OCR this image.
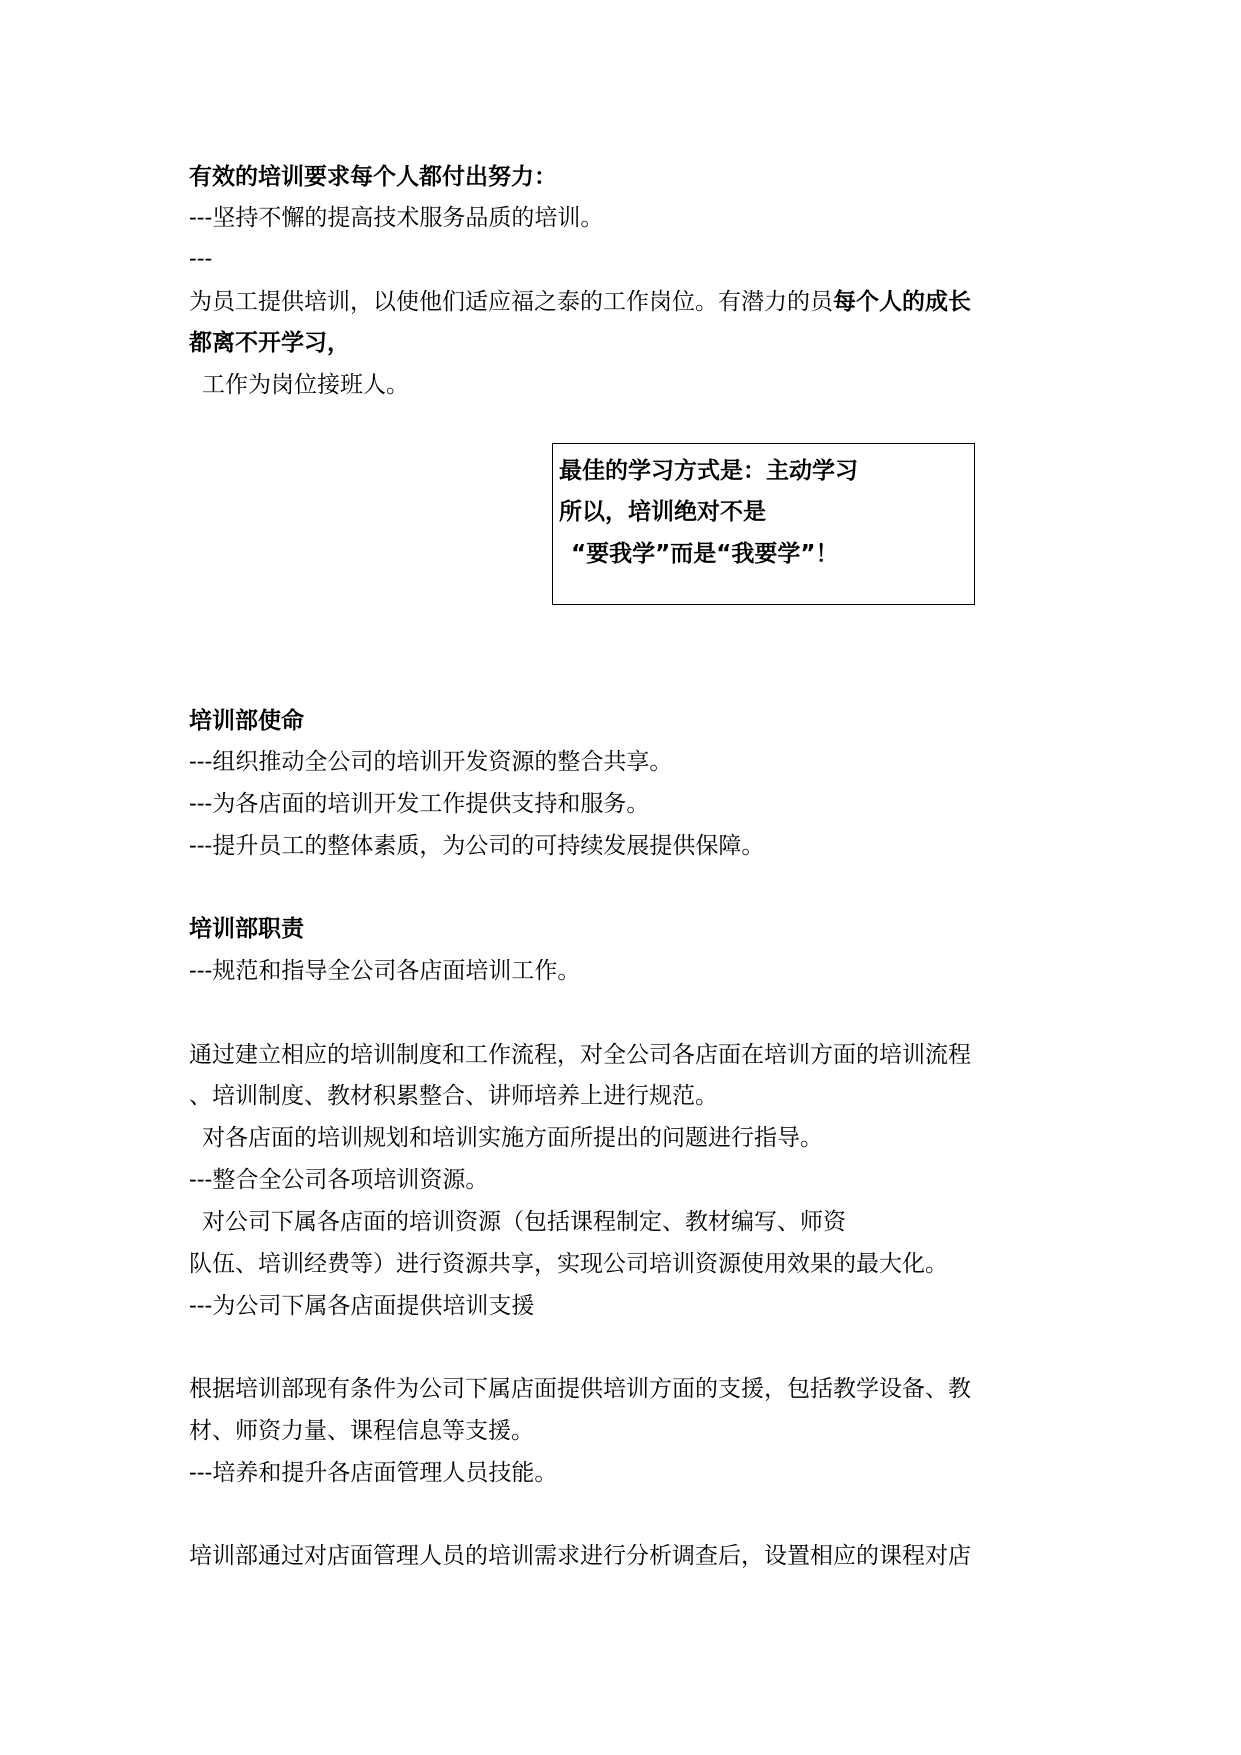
有效的培训要求每个人都付出努力：
---坚持不懈的提高技术服务品质的培训。
---
为员工提供培训，以使他们适应福之泰的工作岗位。有潜力的员每个人的成长
都离不开学习，
工作为岗位接班人。
最佳的学习方式是：主动学习
所以，培训绝对不是
“要我学”而是“我要学”！
培训部使命
---组织推动全公司的培训开发资源的整合共享。
---为各店面的培训开发工作提供支持和服务。
---提升员工的整体素质，为公司的可持续发展提供保障。
培训部职责
---规范和指导全公司各店面培训工作。
通过建立相应的培训制度和工作流程，对全公司各店面在培训方面的培训流程
、培训制度、教材积累整合、讲师培养上进行规范。
对各店面的培训规划和培训实施方面所提出的问题进行指导。
---整合全公司各项培训资源。
对公司下属各店面的培训资源（包括课程制定、教材编写、师资
队伍、培训经费等）进行资源共享，实现公司培训资源使用效果的最大化。
---为公司下属各店面提供培训支援
根据培训部现有条件为公司下属店面提供培训方面的支援，包括教学设备、教
材、师资力量、课程信息等支援。
---培养和提升各店面管理人员技能。
培训部通过对店面管理人员的培训需求进行分析调查后，设置相应的课程对店
